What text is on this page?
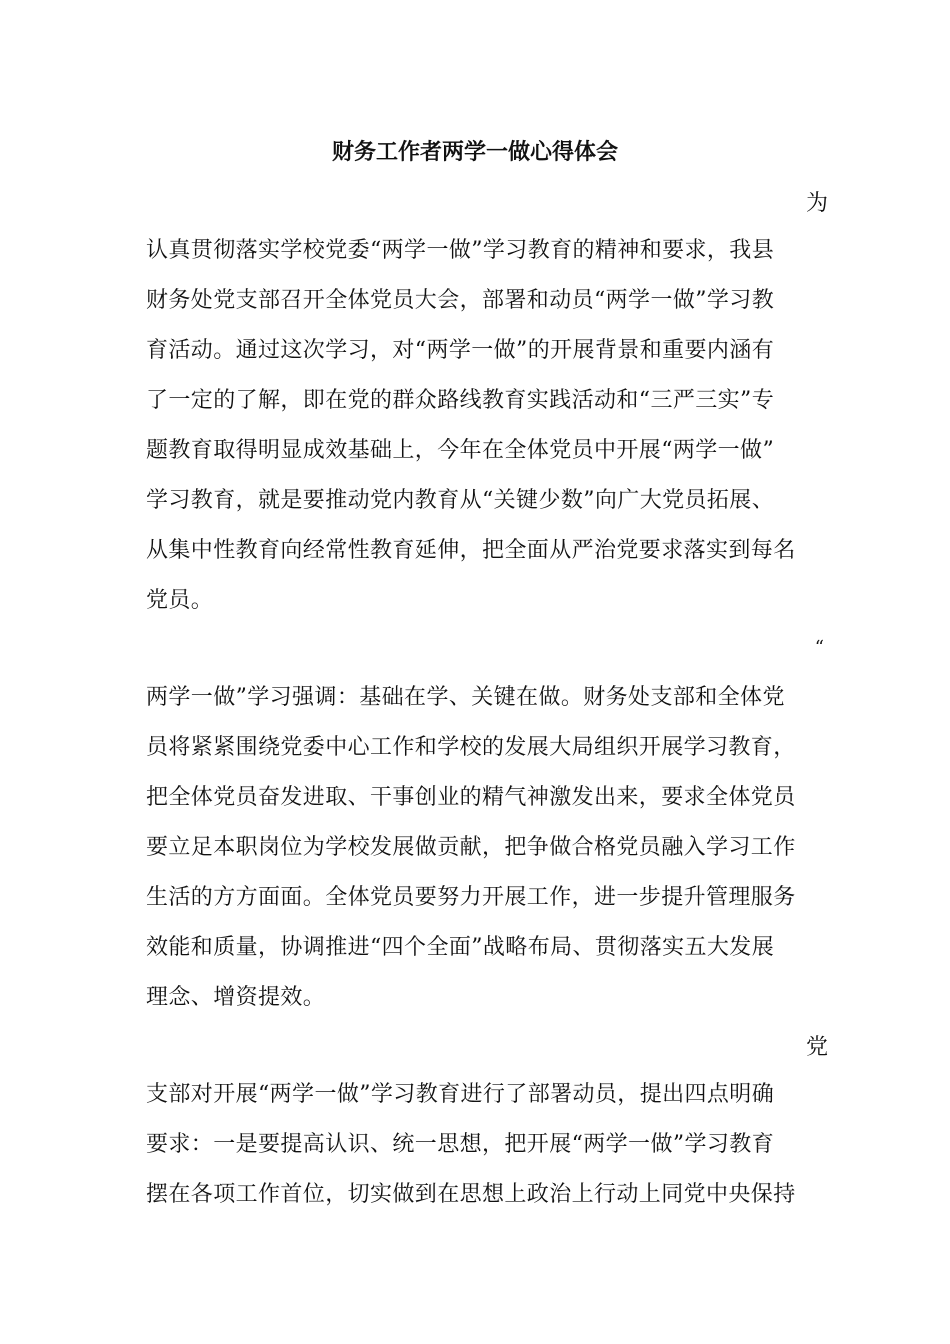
财务工作者两学一做心得体会
为
认真贯彻落实学校党委“两学一做”学习教育的精神和要求，我县
财务处党支部召开全体党员大会，部署和动员“两学一做”学习教
育活动。通过这次学习，对“两学一做”的开展背景和重要内涵有
了一定的了解，即在党的群众路线教育实践活动和“三严三实”专
题教育取得明显成效基础上，今年在全体党员中开展“两学一做”
学习教育，就是要推动党内教育从“关键少数”向广大党员拓展、
从集中性教育向经常性教育延伸，把全面从严治党要求落实到每名
党员。
“
两学一做”学习强调：基础在学、关键在做。财务处支部和全体党
员将紧紧围绕党委中心工作和学校的发展大局组织开展学习教育，
把全体党员奋发进取、干事创业的精气神激发出来，要求全体党员
要立足本职岗位为学校发展做贡献，把争做合格党员融入学习工作
生活的方方面面。全体党员要努力开展工作，进一步提升管理服务
效能和质量，协调推进“四个全面”战略布局、贯彻落实五大发展
理念、增资提效。
党
支部对开展“两学一做”学习教育进行了部署动员，提出四点明确
要求：一是要提高认识、统一思想，把开展“两学一做”学习教育
摆在各项工作首位，切实做到在思想上政治上行动上同党中央保持
